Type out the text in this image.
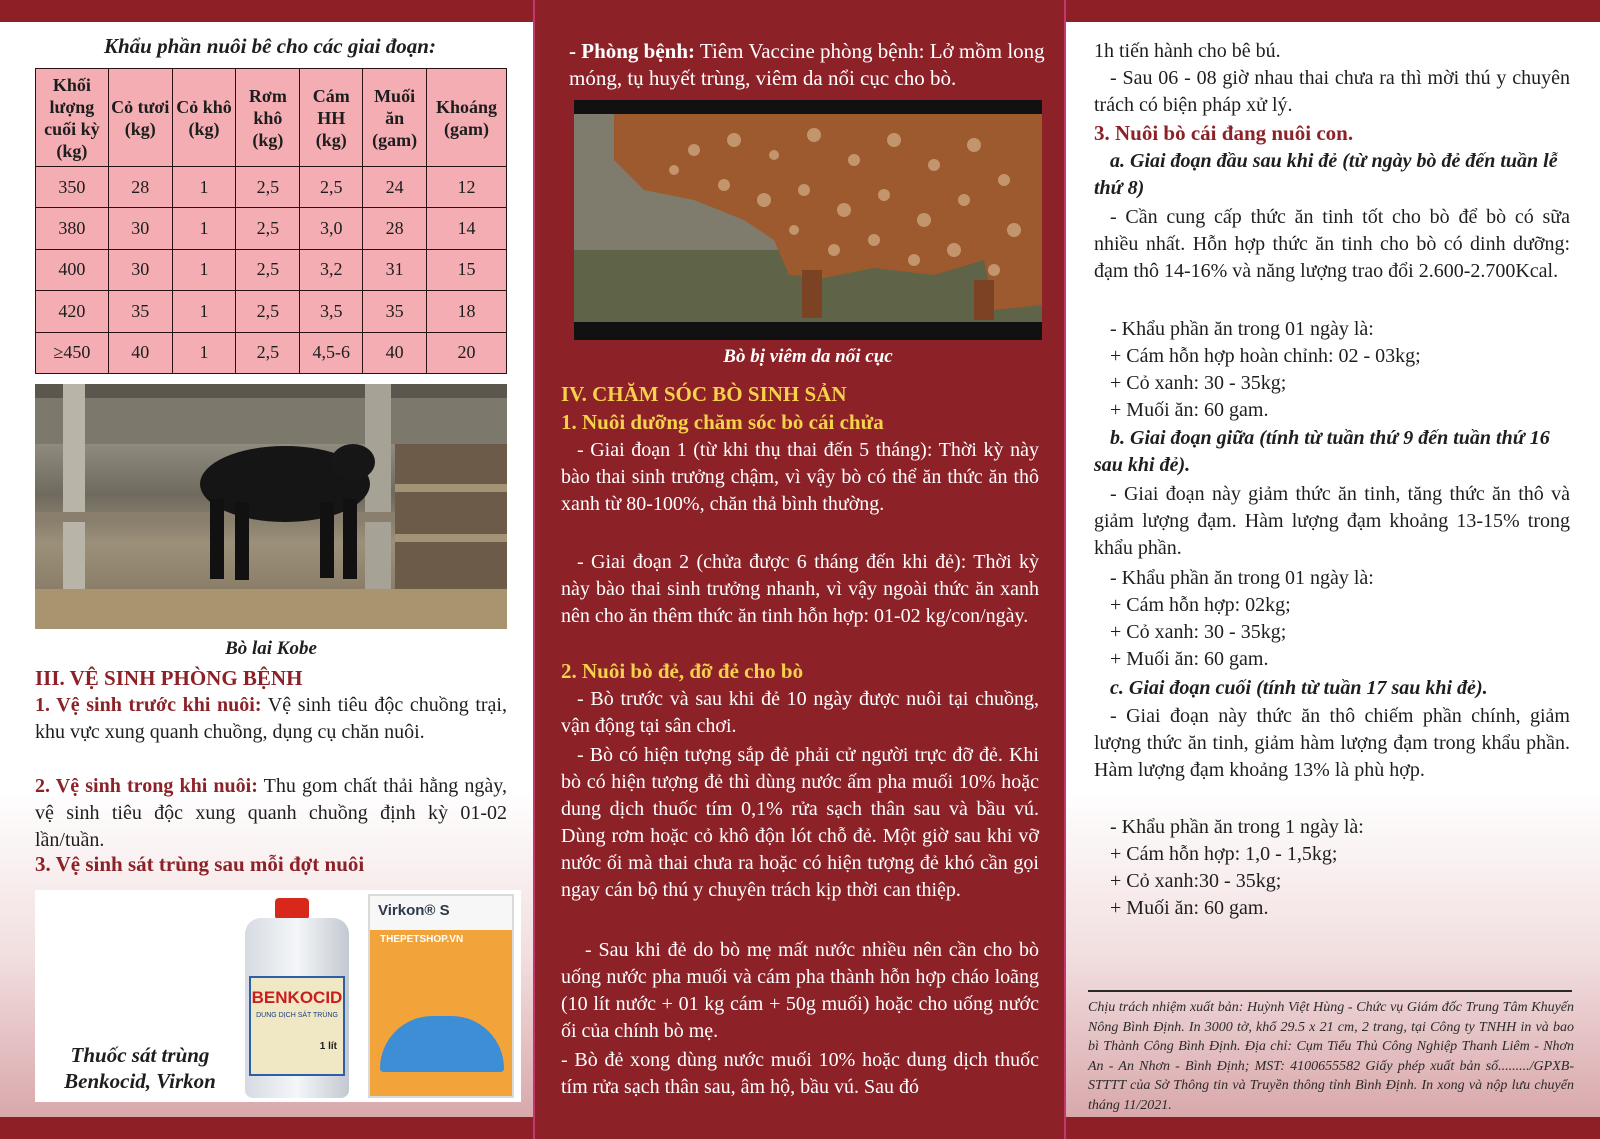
Khẩu phần nuôi bê cho các giai đoạn:
Khối lượng cuối kỳ (kg)	Cỏ tươi (kg)	Cỏ khô (kg)	Rơm khô (kg)	Cám HH (kg)	Muối ăn (gam)	Khoáng (gam)
350	28	1	2,5	2,5	24	12
380	30	1	2,5	3,0	28	14
400	30	1	2,5	3,2	31	15
420	35	1	2,5	3,5	35	18
≥450	40	1	2,5	4,5-6	40	20
Bò lai Kobe
III. VỆ SINH PHÒNG BỆNH
1. Vệ sinh trước khi nuôi: Vệ sinh tiêu độc chuồng trại, khu vực xung quanh chuồng, dụng cụ chăn nuôi.
2. Vệ sinh trong khi nuôi: Thu gom chất thải hằng ngày, vệ sinh tiêu độc xung quanh chuồng định kỳ 01-02 lần/tuần.
3. Vệ sinh sát trùng sau mỗi đợt nuôi
Thuốc sát trùng
Benkocid, Virkon
BENKOCID
DUNG DỊCH SÁT TRÙNG
1 lít
Virkon® S
THEPETSHOP.VN
- Phòng bệnh: Tiêm Vaccine phòng bệnh: Lở mồm long móng, tụ huyết trùng, viêm da nổi cục cho bò.
Bò bị viêm da nổi cục
IV. CHĂM SÓC BÒ SINH SẢN
1. Nuôi dưỡng chăm sóc bò cái chửa
- Giai đoạn 1 (từ khi thụ thai đến 5 tháng): Thời kỳ này bào thai sinh trưởng chậm, vì vậy bò có thể ăn thức ăn thô xanh từ 80-100%, chăn thả bình thường.
- Giai đoạn 2 (chửa được 6 tháng đến khi đẻ): Thời kỳ này bào thai sinh trưởng nhanh, vì vậy ngoài thức ăn xanh nên cho ăn thêm thức ăn tinh hỗn hợp: 01-02 kg/con/ngày.
2. Nuôi bò đẻ, đỡ đẻ cho bò
- Bò trước và sau khi đẻ 10 ngày được nuôi tại chuồng, vận động tại sân chơi.
- Bò có hiện tượng sắp đẻ phải cử người trực đỡ đẻ. Khi bò có hiện tượng đẻ thì dùng nước ấm pha muối 10% hoặc dung dịch thuốc tím 0,1% rửa sạch thân sau và bầu vú. Dùng rơm hoặc cỏ khô độn lót chỗ đẻ. Một giờ sau khi vỡ nước ối mà thai chưa ra hoặc có hiện tượng đẻ khó cần gọi ngay cán bộ thú y chuyên trách kịp thời can thiệp.
- Sau khi đẻ do bò mẹ mất nước nhiều nên cần cho bò uống nước pha muối và cám pha thành hỗn hợp cháo loãng (10 lít nước + 01 kg cám + 50g muối) hoặc cho uống nước ối của chính bò mẹ.
- Bò đẻ xong dùng nước muối 10% hoặc dung dịch thuốc tím rửa sạch thân sau, âm hộ, bầu vú. Sau đó
1h tiến hành cho bê bú.
- Sau 06 - 08 giờ nhau thai chưa ra thì mời thú y chuyên trách có biện pháp xử lý.
3. Nuôi bò cái đang nuôi con.
a. Giai đoạn đầu sau khi đẻ (từ ngày bò đẻ đến tuần lễ thứ 8)
- Cần cung cấp thức ăn tinh tốt cho bò để bò có sữa nhiều nhất. Hỗn hợp thức ăn tinh cho bò có dinh dưỡng: đạm thô 14-16% và năng lượng trao đổi 2.600-2.700Kcal.
- Khẩu phần ăn trong 01 ngày là:
+ Cám hỗn hợp hoàn chỉnh: 02 - 03kg;
+ Cỏ xanh: 30 - 35kg;
+ Muối ăn: 60 gam.
b. Giai đoạn giữa (tính từ tuần thứ 9 đến tuần thứ 16 sau khi đẻ).
- Giai đoạn này giảm thức ăn tinh, tăng thức ăn thô và giảm lượng đạm. Hàm lượng đạm khoảng 13-15% trong khẩu phần.
- Khẩu phần ăn trong 01 ngày là:
+ Cám hỗn hợp: 02kg;
+ Cỏ xanh: 30 - 35kg;
+ Muối ăn: 60 gam.
c. Giai đoạn cuối (tính từ tuần 17 sau khi đẻ).
- Giai đoạn này thức ăn thô chiếm phần chính, giảm lượng thức ăn tinh, giảm hàm lượng đạm trong khẩu phần. Hàm lượng đạm khoảng 13% là phù hợp.
- Khẩu phần ăn trong 1 ngày là:
+ Cám hỗn hợp: 1,0 - 1,5kg;
+ Cỏ xanh:30 - 35kg;
+ Muối ăn: 60 gam.
Chịu trách nhiệm xuất bản: Huỳnh Việt Hùng - Chức vụ Giám đốc Trung Tâm Khuyến Nông Bình Định. In 3000 tờ, khổ 29.5 x 21 cm, 2 trang, tại Công ty TNHH in và bao bì Thành Công Bình Định. Địa chỉ: Cụm Tiểu Thủ Công Nghiệp Thanh Liêm - Nhơn An - An Nhơn - Bình Định; MST: 4100655582 Giấy phép xuất bản số........./GPXB-STTTT của Sở Thông tin và Truyền thông tỉnh Bình Định. In xong và nộp lưu chuyển tháng 11/2021.
